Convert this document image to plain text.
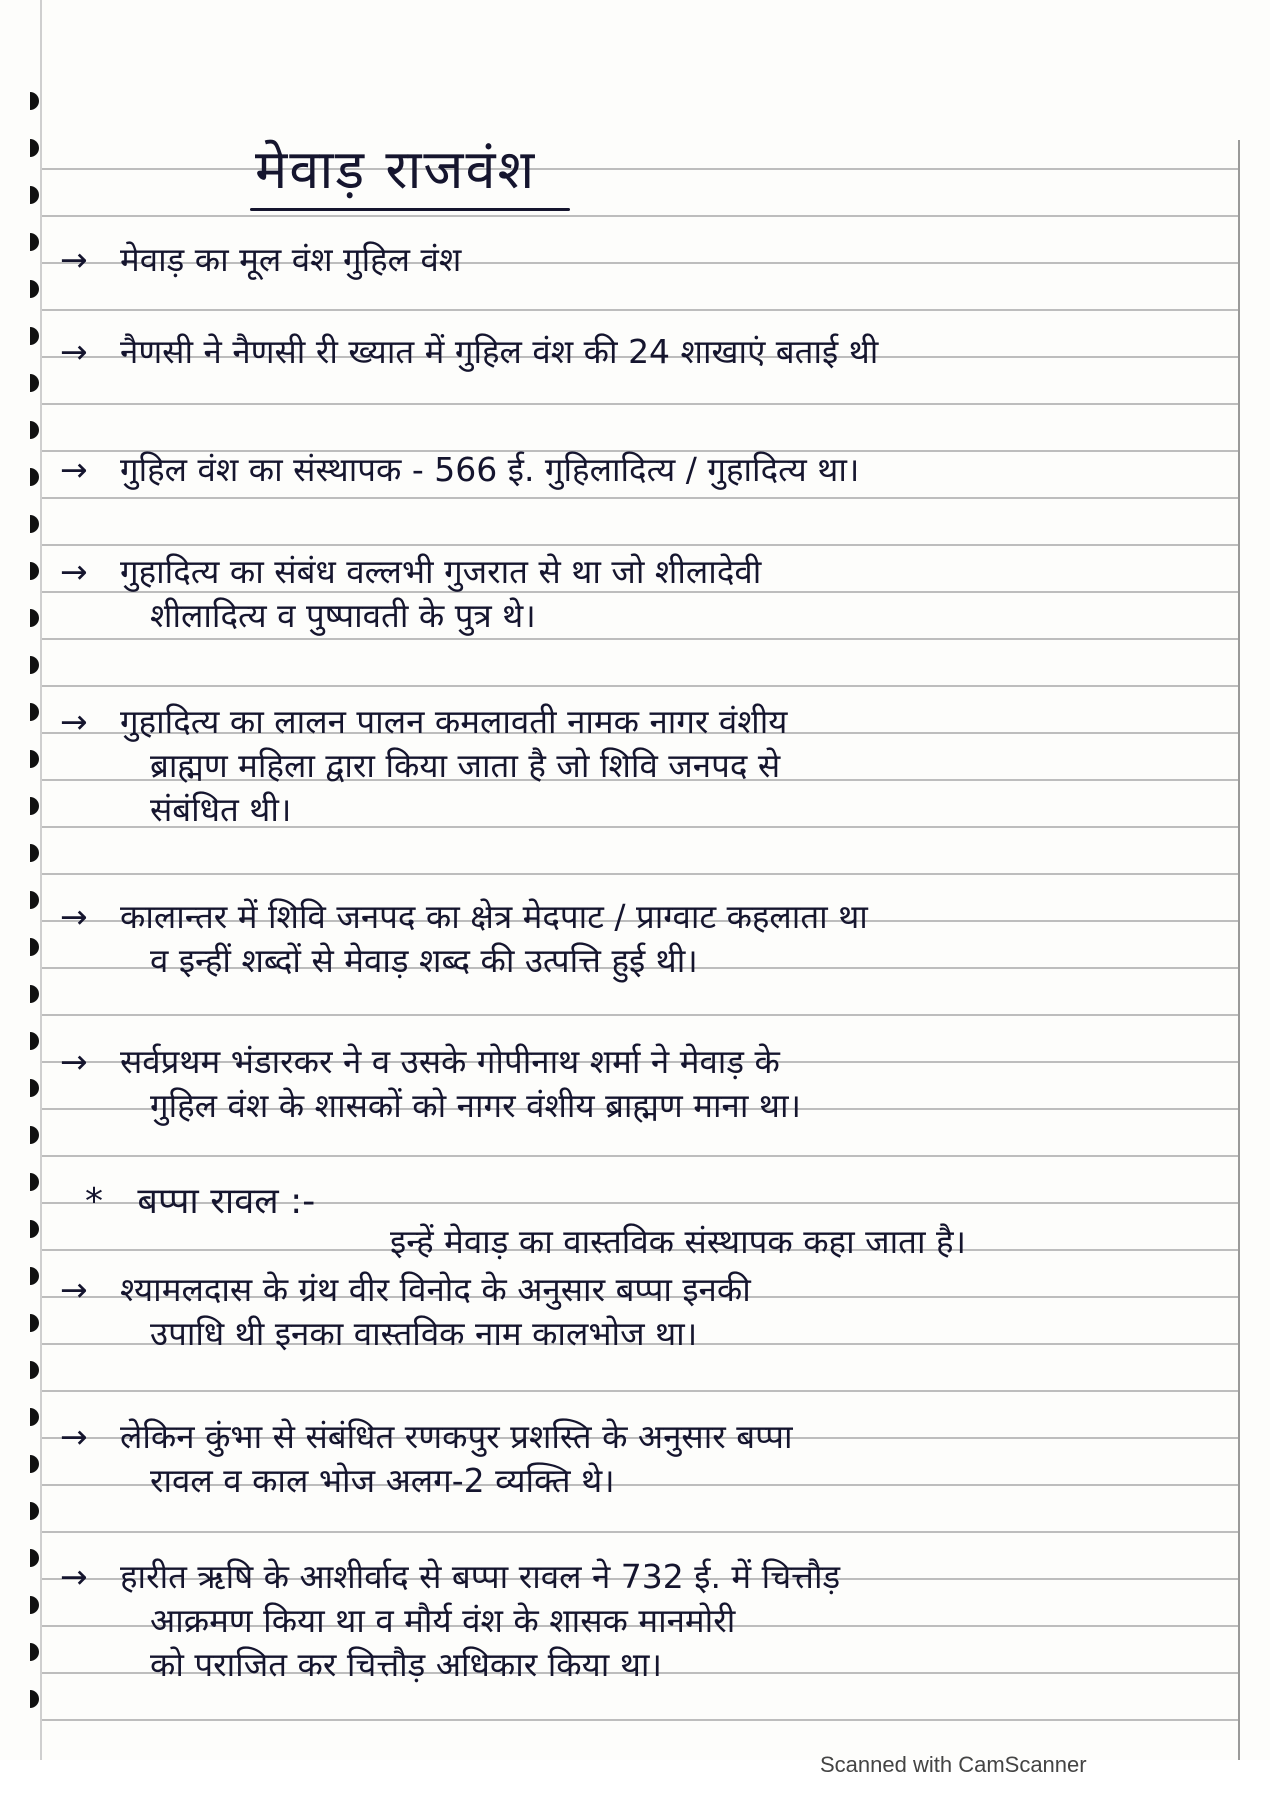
मेवाड़ राजवंश
→ मेवाड़ का मूल वंश गुहिल वंश
→ नैणसी ने नैणसी री ख्यात में गुहिल वंश की 24 शाखाएं बताई थी
→ गुहिल वंश का संस्थापक - 566 ई. गुहिलादित्य / गुहादित्य था।
→ गुहादित्य का संबंध वल्लभी गुजरात से था जो शीलादेवी
शीलादित्य व पुष्पावती के पुत्र थे।
→ गुहादित्य का लालन पालन कमलावती नामक नागर वंशीय
ब्राह्मण महिला द्वारा किया जाता है जो शिवि जनपद से
संबंधित थी।
→ कालान्तर में शिवि जनपद का क्षेत्र मेदपाट / प्राग्वाट कहलाता था
व इन्हीं शब्दों से मेवाड़ शब्द की उत्पत्ति हुई थी।
→ सर्वप्रथम भंडारकर ने व उसके गोपीनाथ शर्मा ने मेवाड़ के
गुहिल वंश के शासकों को नागर वंशीय ब्राह्मण माना था।
* बप्पा रावल :-
इन्हें मेवाड़ का वास्तविक संस्थापक कहा जाता है।
→ श्यामलदास के ग्रंथ वीर विनोद के अनुसार बप्पा इनकी
उपाधि थी इनका वास्तविक नाम कालभोज था।
→ लेकिन कुंभा से संबंधित रणकपुर प्रशस्ति के अनुसार बप्पा
रावल व काल भोज अलग-2 व्यक्ति थे।
→ हारीत ऋषि के आशीर्वाद से बप्पा रावल ने 732 ई. में चित्तौड़
आक्रमण किया था व मौर्य वंश के शासक मानमोरी
को पराजित कर चित्तौड़ अधिकार किया था।
Scanned with CamScanner
